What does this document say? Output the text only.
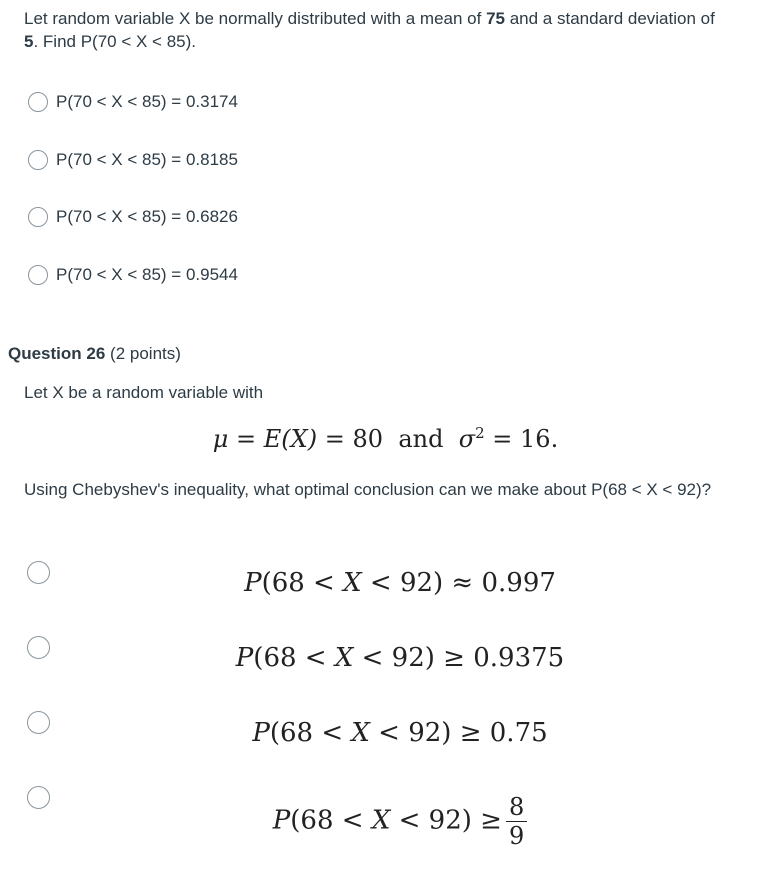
Let random variable X be normally distributed with a mean of 75 and a standard deviation of 5. Find P(70 < X < 85).
P(70 < X < 85) = 0.3174
P(70 < X < 85) = 0.8185
P(70 < X < 85) = 0.6826
P(70 < X < 85) = 0.9544
Question 26 (2 points)
Let X be a random variable with
μ = E(X) = 80  and $\sigma^2 = 16$.
Using Chebyshev's inequality, what optimal conclusion can we make about P(68 < X < 92)?
P(68 < X < 92) ≈ 0.997
P(68 < X < 92) ≥ 0.9375
P(68 < X < 92) ≥ 0.75
$P(68 < X < 92) \ge \frac{8}{9}$
